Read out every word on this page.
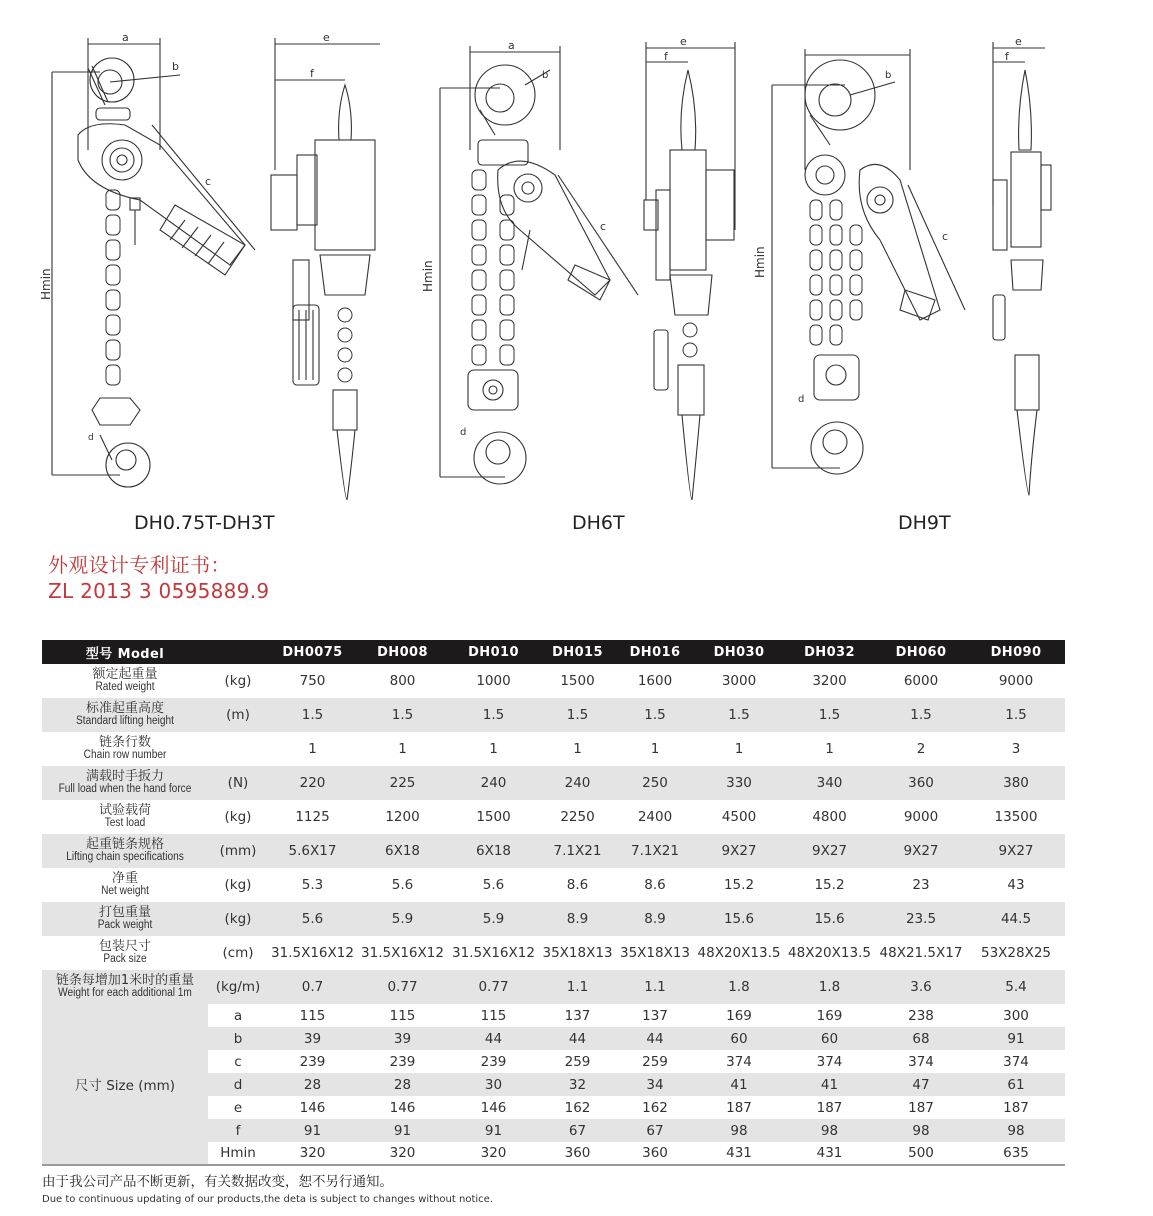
a
b
Hmin
c
d
e
f
a
Hmin
b
c
d
e
f
Hmin
b
c
d
e
f
DH0.75T-DH3T	DH6T	DH9T
外观设计专利证书：
ZL 2013 3 0595889.9
型号 Model		DH0075	DH008	DH010	DH015	DH016	DH030	DH032	DH060	DH090

额定起重量
Rated weight	(kg)	750	800	1000	1500	1600	3000	3200	6000	9000

标准起重高度
Standard lifting height	(m)	1.5	1.5	1.5	1.5	1.5	1.5	1.5	1.5	1.5

链条行数
Chain row number		1	1	1	1	1	1	1	2	3

满载时手扳力
Full load when the hand force	(N)	220	225	240	240	250	330	340	360	380

试验载荷
Test load	(kg)	1125	1200	1500	2250	2400	4500	4800	9000	13500

起重链条规格
Lifting chain specifications	(mm)	5.6X17	6X18	6X18	7.1X21	7.1X21	9X27	9X27	9X27	9X27

净重
Net weight	(kg)	5.3	5.6	5.6	8.6	8.6	15.2	15.2	23	43

打包重量
Pack weight	(kg)	5.6	5.9	5.9	8.9	8.9	15.6	15.6	23.5	44.5

包装尺寸
Pack size	(cm)	31.5X16X12	31.5X16X12	31.5X16X12	35X18X13	35X18X13	48X20X13.5	48X20X13.5	48X21.5X17	53X28X25

链条每增加1米时的重量
Weight for each additional 1m	(kg/m)	0.7	0.77	0.77	1.1	1.1	1.8	1.8	3.6	5.4
尺寸 Size (mm)	a	115	115	115	137	137	169	169	238	300
	b	39	39	44	44	44	60	60	68	91
	c	239	239	239	259	259	374	374	374	374
	d	28	28	30	32	34	41	41	47	61
	e	146	146	146	162	162	187	187	187	187
	f	91	91	91	67	67	98	98	98	98
	Hmin	320	320	320	360	360	431	431	500	635
由于我公司产品不断更新，有关数据改变，恕不另行通知。
Due to continuous updating of our products,the deta is subject to changes without notice.
